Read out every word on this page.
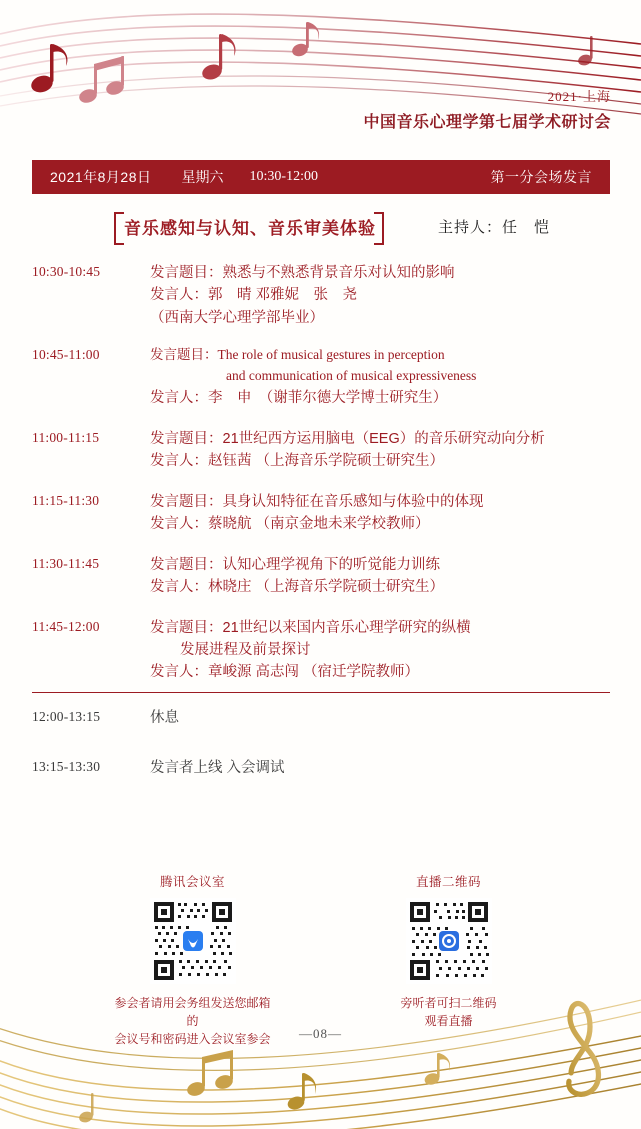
2021·上海
中国音乐心理学第七届学术研讨会
2021年8月28日 星期六 10:30-12:00	第一分会场发言
音乐感知与认知、音乐审美体验	主持人：任　恺
10:30-10:45	发言题目：熟悉与不熟悉背景音乐对认知的影响
发言人：郭　晴 邓雅妮　张　尧
（西南大学心理学部毕业）
10:45-11:00	发言题目：The role of musical gestures in perception
and communication of musical expressiveness
发言人：李　申　（谢菲尔德大学博士研究生）
11:00-11:15	发言题目：21世纪西方运用脑电（EEG）的音乐研究动向分析
发言人：赵钰茜 （上海音乐学院硕士研究生）
11:15-11:30	发言题目：具身认知特征在音乐感知与体验中的体现
发言人：蔡晓航 （南京金地未来学校教师）
11:30-11:45	发言题目：认知心理学视角下的听觉能力训练
发言人：林晓庄 （上海音乐学院硕士研究生）
11:45-12:00	发言题目：21世纪以来国内音乐心理学研究的纵横
发展进程及前景探讨
发言人：章峻源 高志闯 （宿迁学院教师）
12:00-13:15	休息
13:15-13:30	发言者上线 入会调试
腾讯会议室
参会者请用会务组发送您邮箱的
会议号和密码进入会议室参会
直播二维码
旁听者可扫二维码
观看直播
—08—
